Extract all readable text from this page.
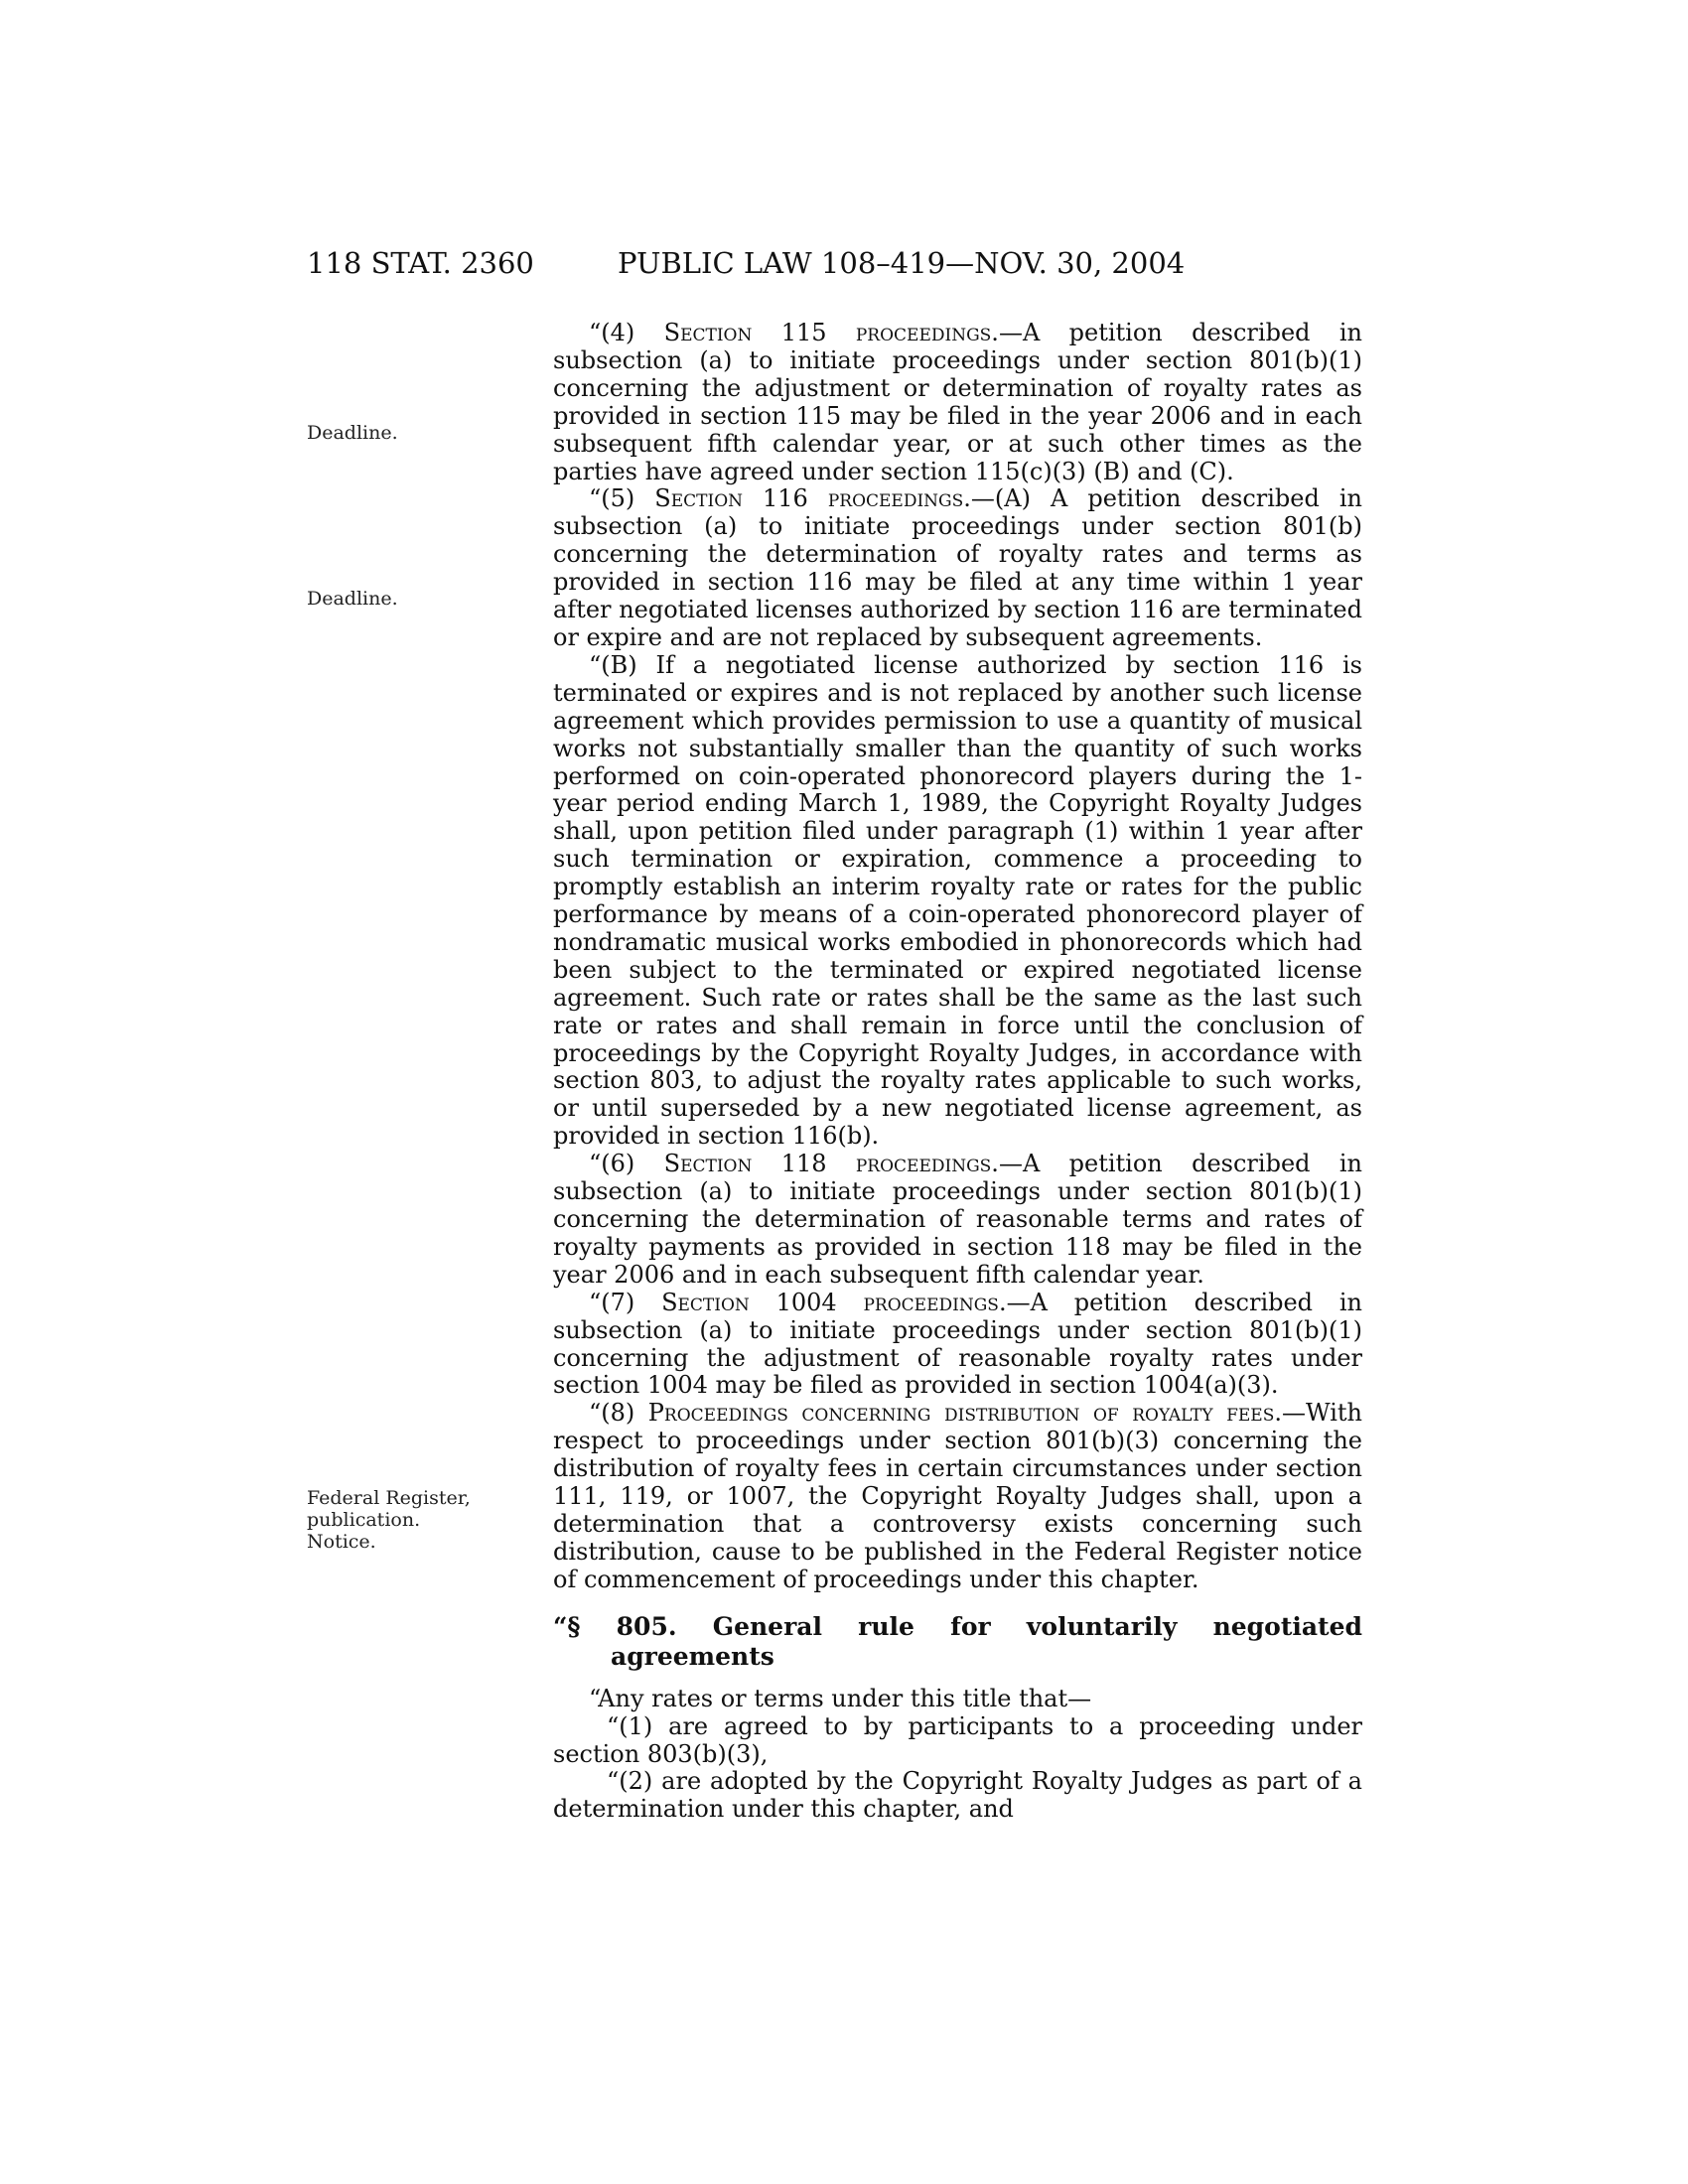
118 STAT. 2360	PUBLIC LAW 108–419—NOV. 30, 2004
Deadline.
Deadline.
Federal Register,
publication.
Notice.

“(4) Section 115 proceedings.—A petition described in subsection (a) to initiate proceedings under section 801(b)(1) concerning the adjustment or determination of royalty rates as provided in section 115 may be filed in the year 2006 and in each subsequent fifth calendar year, or at such other times as the parties have agreed under section 115(c)(3) (B) and (C).

“(5) Section 116 proceedings.—(A) A petition described in subsection (a) to initiate proceedings under section 801(b) concerning the determination of royalty rates and terms as provided in section 116 may be filed at any time within 1 year after negotiated licenses authorized by section 116 are terminated or expire and are not replaced by subsequent agreements.

“(B) If a negotiated license authorized by section 116 is terminated or expires and is not replaced by another such license agreement which provides permission to use a quantity of musical works not substantially smaller than the quantity of such works performed on coin-operated phonorecord players during the 1-year period ending March 1, 1989, the Copyright Royalty Judges shall, upon petition filed under paragraph (1) within 1 year after such termination or expiration, commence a proceeding to promptly establish an interim royalty rate or rates for the public performance by means of a coin-operated phonorecord player of nondramatic musical works embodied in phonorecords which had been subject to the terminated or expired negotiated license agreement. Such rate or rates shall be the same as the last such rate or rates and shall remain in force until the conclusion of proceedings by the Copyright Royalty Judges, in accordance with section 803, to adjust the royalty rates applicable to such works, or until superseded by a new negotiated license agreement, as provided in section 116(b).

“(6) Section 118 proceedings.—A petition described in subsection (a) to initiate proceedings under section 801(b)(1) concerning the determination of reasonable terms and rates of royalty payments as provided in section 118 may be filed in the year 2006 and in each subsequent fifth calendar year.

“(7) Section 1004 proceedings.—A petition described in subsection (a) to initiate proceedings under section 801(b)(1) concerning the adjustment of reasonable royalty rates under section 1004 may be filed as provided in section 1004(a)(3).

“(8) Proceedings concerning distribution of royalty fees.—With respect to proceedings under section 801(b)(3) concerning the distribution of royalty fees in certain circumstances under section 111, 119, or 1007, the Copyright Royalty Judges shall, upon a determination that a controversy exists concerning such distribution, cause to be published in the Federal Register notice of commencement of proceedings under this chapter.

“§ 805. General rule for voluntarily negotiated agreements

“Any rates or terms under this title that—

“(1) are agreed to by participants to a proceeding under section 803(b)(3),

“(2) are adopted by the Copyright Royalty Judges as part of a determination under this chapter, and
